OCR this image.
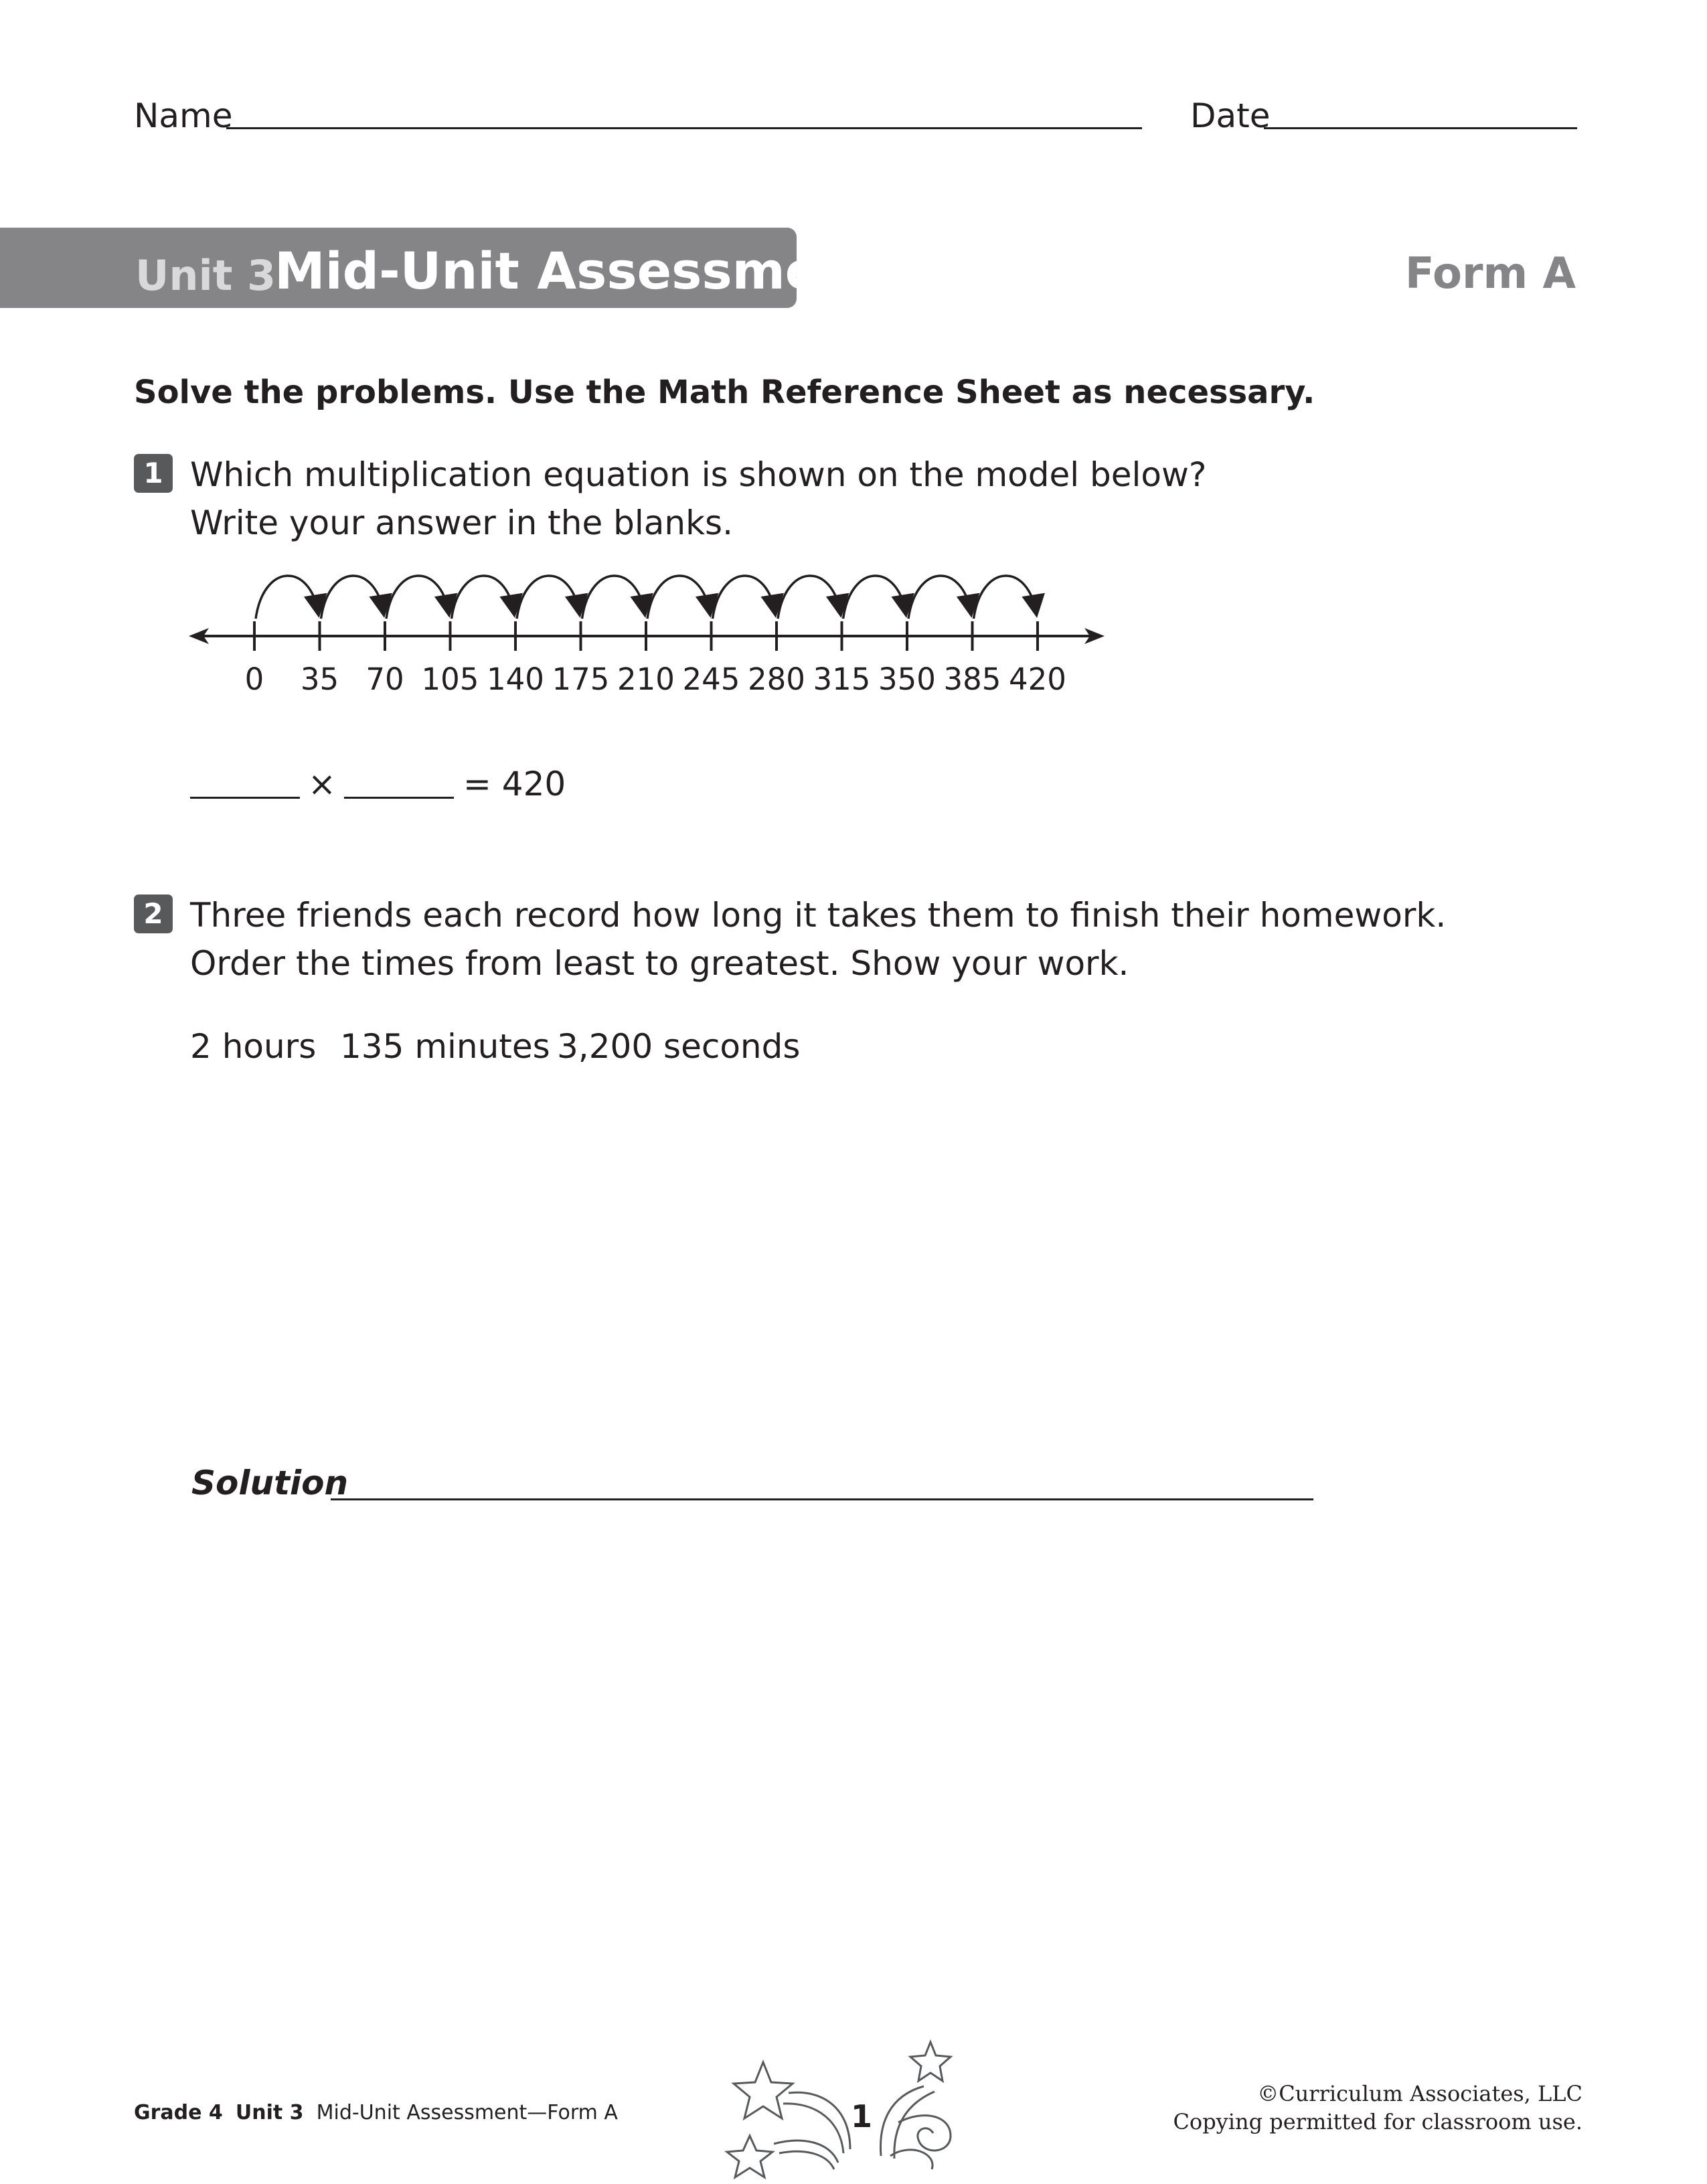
Name	Date
Unit 3
Mid-Unit Assessment	Form A
Solve the problems. Use the Math Reference Sheet as necessary.
1 Which multiplication equation is shown on the model below?
Write your answer in the blanks.
0	35 70 105 140 175 210 245 280 315 350 385 420
×	= 420
2 Three friends each record how long it takes them to finish their homework.
Order the times from least to greatest. Show your work.
2 hours 135 minutes 3,200 seconds
Solution
Grade 4 Unit 3 Mid-Unit Assessment—Form A	1
©Curriculum Associates, LLC
Copying permitted for classroom use.
